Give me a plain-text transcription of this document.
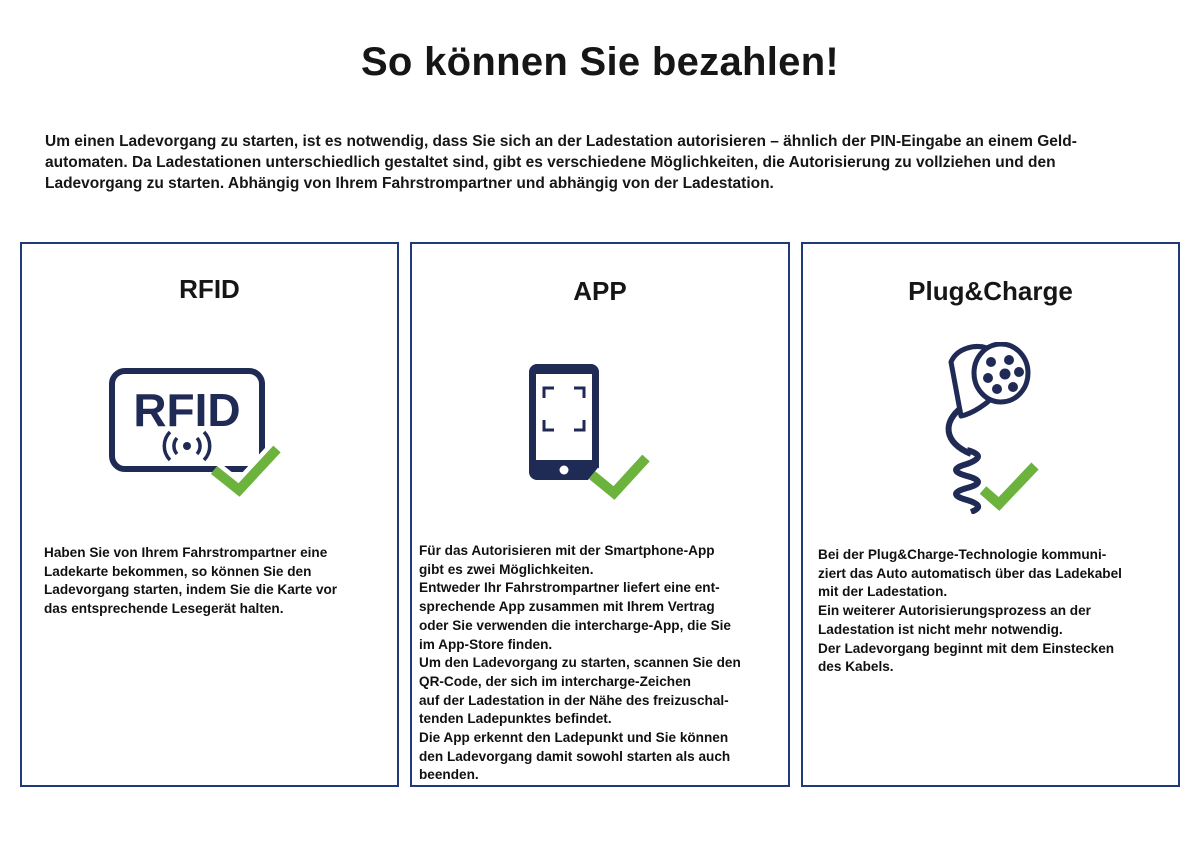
So können Sie bezahlen!
Um einen Ladevorgang zu starten, ist es notwendig, dass Sie sich an der Ladestation autorisieren – ähnlich der PIN-Eingabe an einem Geld-
automaten. Da Ladestationen unterschiedlich gestaltet sind, gibt es verschiedene Möglichkeiten, die Autorisierung zu vollziehen und den
Ladevorgang zu starten. Abhängig von Ihrem Fahrstrompartner und abhängig von der Ladestation.
RFID
RFID
Haben Sie von Ihrem Fahrstrompartner eine
Ladekarte bekommen, so können Sie den
Ladevorgang starten, indem Sie die Karte vor
das entsprechende Lesegerät halten.
APP
Für das Autorisieren mit der Smartphone-App
gibt es zwei Möglichkeiten.
Entweder Ihr Fahrstrompartner liefert eine ent-
sprechende App zusammen mit Ihrem Vertrag
oder Sie verwenden die intercharge-App, die Sie
im App-Store finden.
Um den Ladevorgang zu starten, scannen Sie den
QR-Code, der sich im intercharge-Zeichen
auf der Ladestation in der Nähe des freizuschal-
tenden Ladepunktes befindet.
Die App erkennt den Ladepunkt und Sie können
den Ladevorgang damit sowohl starten als auch
beenden.
Plug&Charge
Bei der Plug&Charge-Technologie kommuni-
ziert das Auto automatisch über das Ladekabel
mit der Ladestation.
Ein weiterer Autorisierungsprozess an der
Ladestation ist nicht mehr notwendig.
Der Ladevorgang beginnt mit dem Einstecken
des Kabels.
